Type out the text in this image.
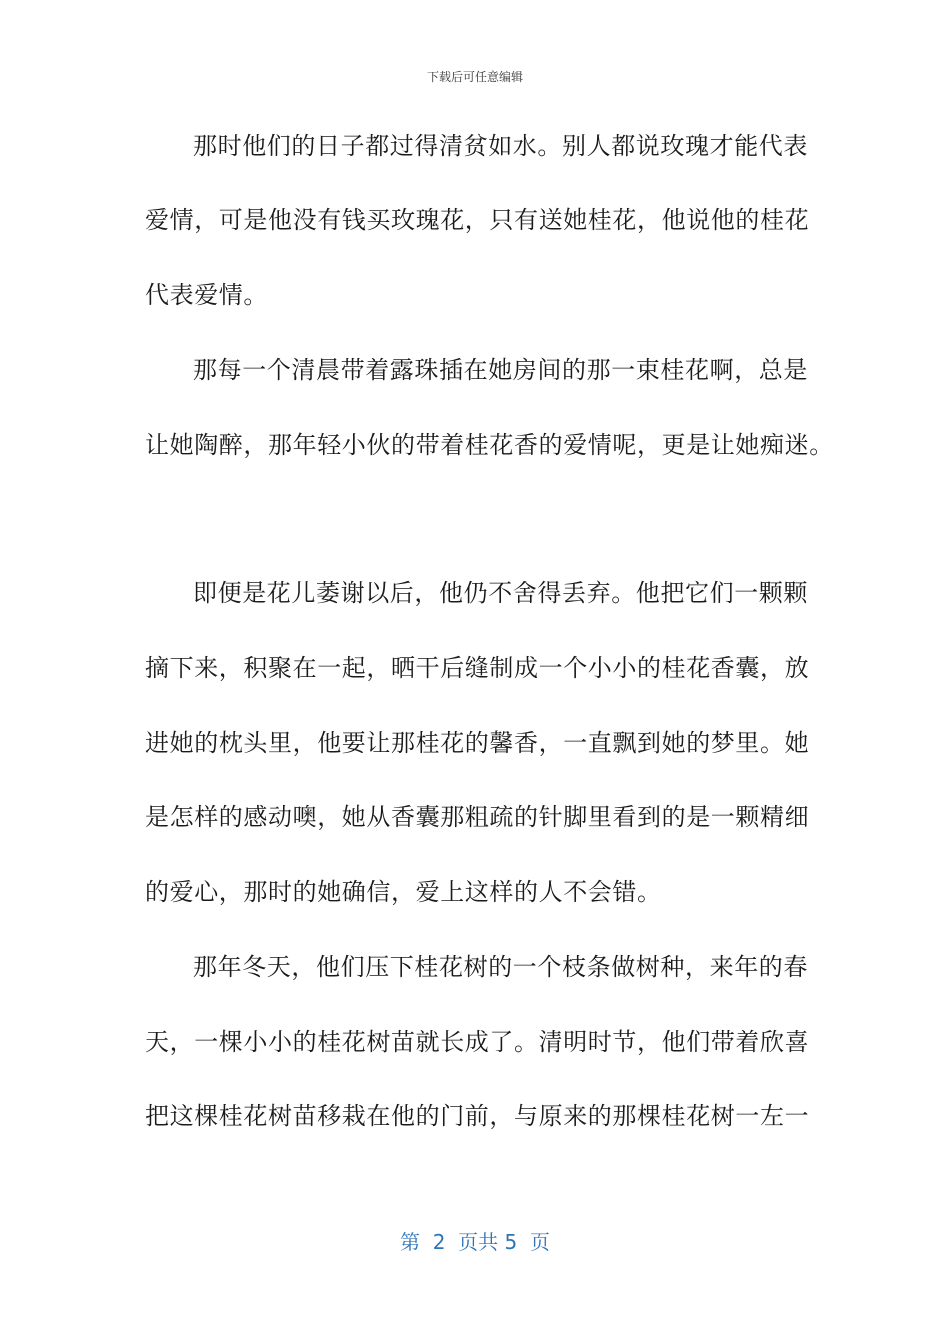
下载后可任意编辑
那时他们的日子都过得清贫如水。别人都说玫瑰才能代表
爱情，可是他没有钱买玫瑰花，只有送她桂花，他说他的桂花
代表爱情。
那每一个清晨带着露珠插在她房间的那一束桂花啊，总是
让她陶醉，那年轻小伙的带着桂花香的爱情呢，更是让她痴迷。
即便是花儿萎谢以后，他仍不舍得丢弃。他把它们一颗颗
摘下来，积聚在一起，晒干后缝制成一个小小的桂花香囊，放
进她的枕头里，他要让那桂花的馨香，一直飘到她的梦里。她
是怎样的感动噢，她从香囊那粗疏的针脚里看到的是一颗精细
的爱心，那时的她确信，爱上这样的人不会错。
那年冬天，他们压下桂花树的一个枝条做树种，来年的春
天，一棵小小的桂花树苗就长成了。清明时节，他们带着欣喜
把这棵桂花树苗移栽在他的门前，与原来的那棵桂花树一左一
第  2  页共 5  页
